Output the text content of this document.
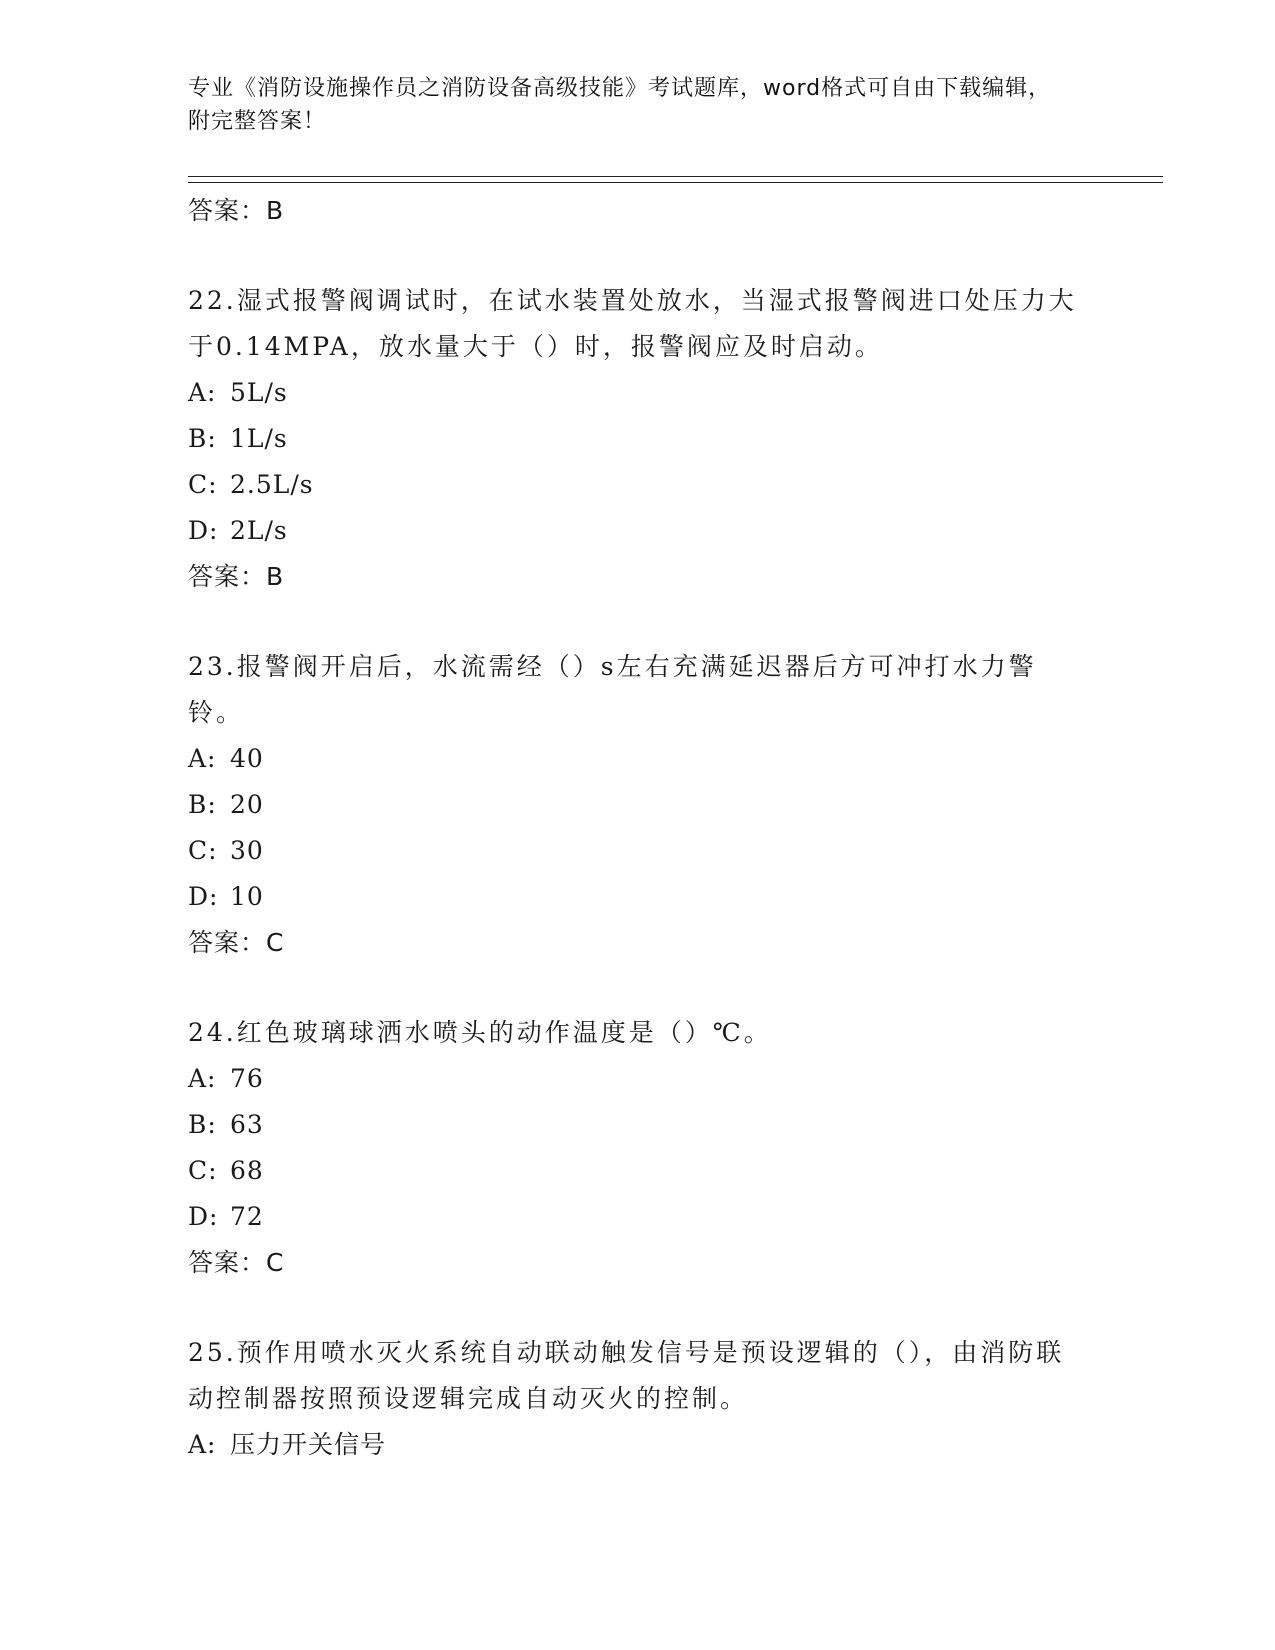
专业《消防设施操作员之消防设备高级技能》考试题库，word格式可自由下载编辑，附完整答案！
答案：B
22.湿式报警阀调试时，在试水装置处放水，当湿式报警阀进口处压力大于0.14MPA，放水量大于（）时，报警阀应及时启动。
A: 5L/s
B: 1L/s
C: 2.5L/s
D: 2L/s
答案：B
23.报警阀开启后，水流需经（）s左右充满延迟器后方可冲打水力警铃。
A: 40
B: 20
C: 30
D: 10
答案：C
24.红色玻璃球洒水喷头的动作温度是（）℃。
A: 76
B: 63
C: 68
D: 72
答案：C
25.预作用喷水灭火系统自动联动触发信号是预设逻辑的（），由消防联动控制器按照预设逻辑完成自动灭火的控制。
A: 压力开关信号
